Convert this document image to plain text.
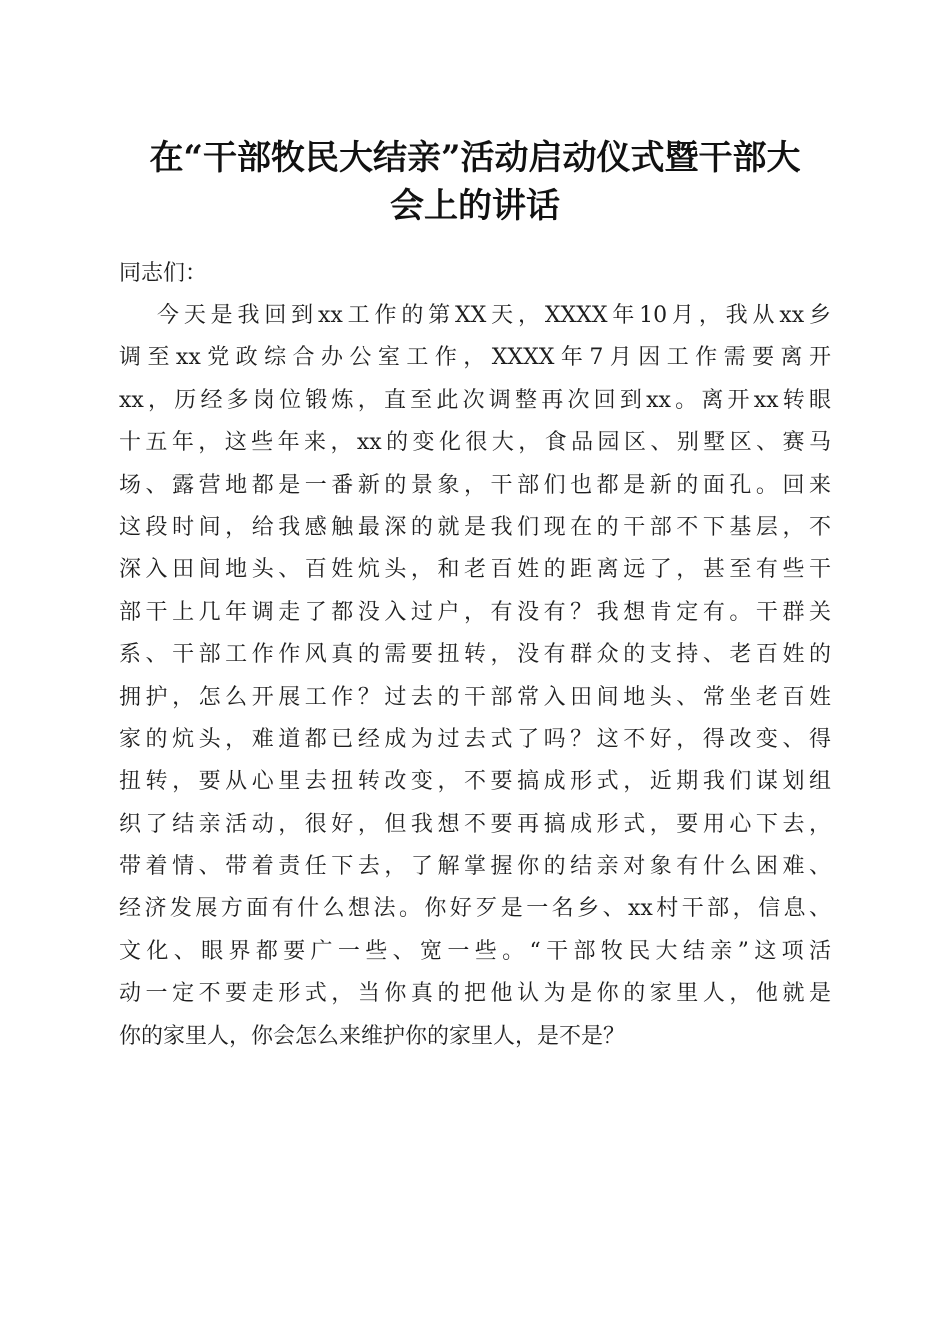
在“干部牧民大结亲”活动启动仪式暨干部大
会上的讲话
同志们：
今天是我回到xx工作的第XX天，XXXX年10月，我从xx乡
调至xx党政综合办公室工作，XXXX年7月因工作需要离开
xx，历经多岗位锻炼，直至此次调整再次回到xx。离开xx转眼
十五年，这些年来，xx的变化很大，食品园区、别墅区、赛马
场、露营地都是一番新的景象，干部们也都是新的面孔。回来
这段时间，给我感触最深的就是我们现在的干部不下基层，不
深入田间地头、百姓炕头，和老百姓的距离远了，甚至有些干
部干上几年调走了都没入过户，有没有？我想肯定有。干群关
系、干部工作作风真的需要扭转，没有群众的支持、老百姓的
拥护，怎么开展工作？过去的干部常入田间地头、常坐老百姓
家的炕头，难道都已经成为过去式了吗？这不好，得改变、得
扭转，要从心里去扭转改变，不要搞成形式，近期我们谋划组
织了结亲活动，很好，但我想不要再搞成形式，要用心下去，
带着情、带着责任下去，了解掌握你的结亲对象有什么困难、
经济发展方面有什么想法。你好歹是一名乡、xx村干部，信息、
文化、眼界都要广一些、宽一些。“干部牧民大结亲”这项活
动一定不要走形式，当你真的把他认为是你的家里人，他就是
你的家里人，你会怎么来维护你的家里人，是不是？
